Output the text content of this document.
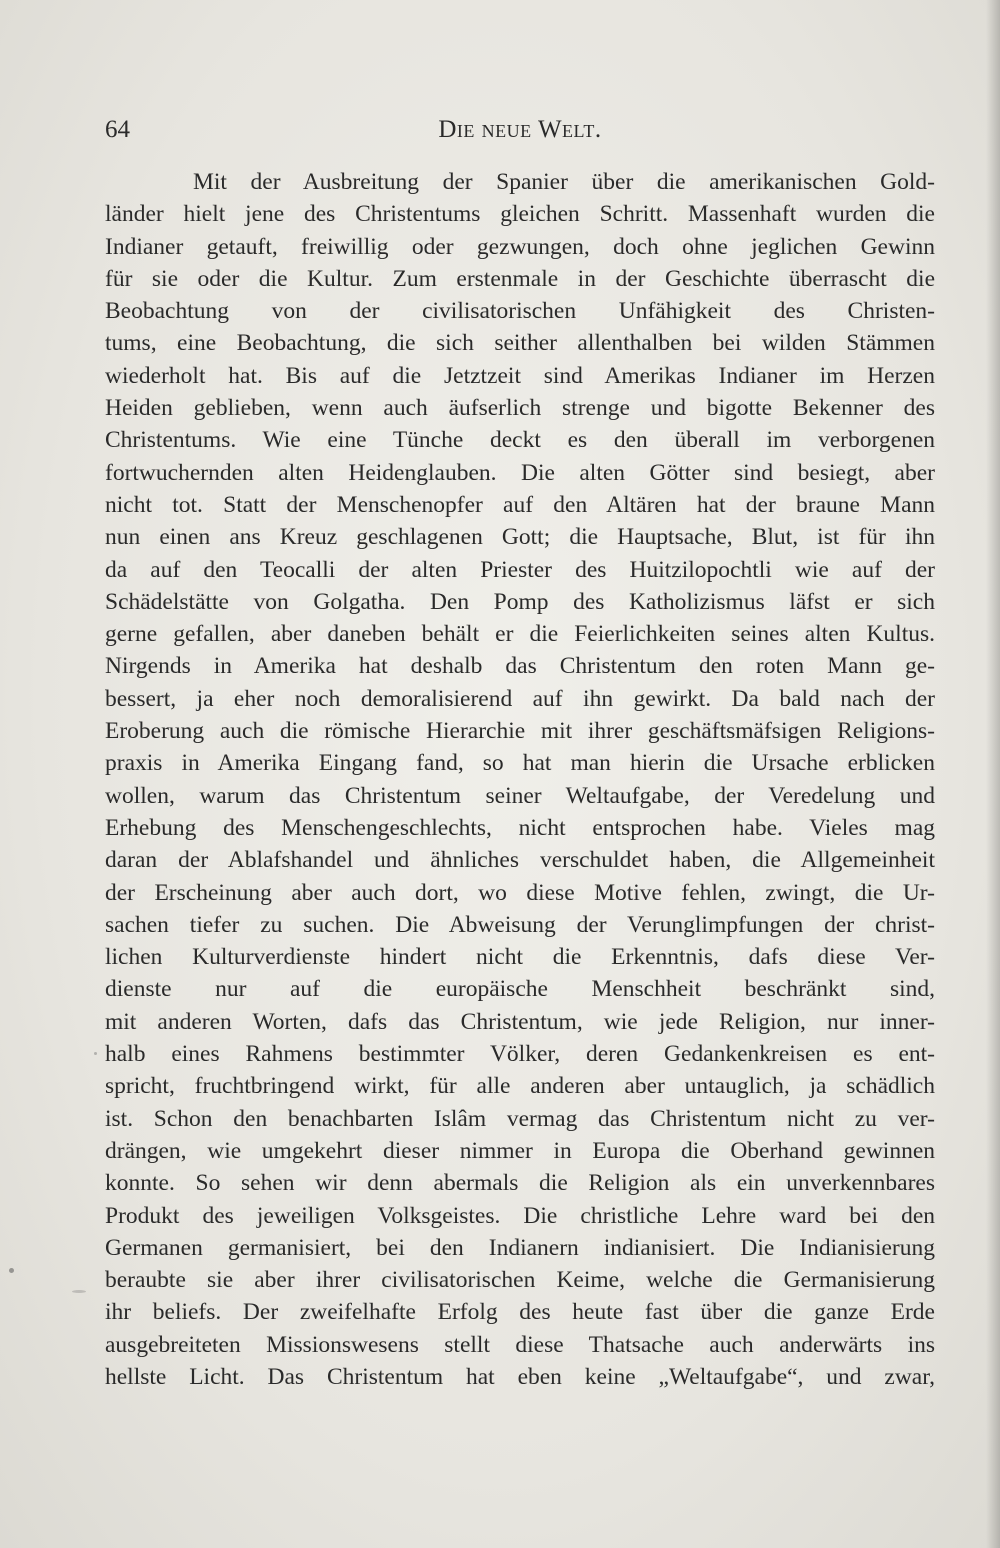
64	Die neue Welt.
Mit der Ausbreitung der Spanier über die amerikanischen Gold-
länder hielt jene des Christentums gleichen Schritt. Massenhaft wurden die
Indianer getauft, freiwillig oder gezwungen, doch ohne jeglichen Gewinn
für sie oder die Kultur. Zum erstenmale in der Geschichte überrascht die
Beobachtung von der civilisatorischen Unfähigkeit des Christen-
tums, eine Beobachtung, die sich seither allenthalben bei wilden Stämmen
wiederholt hat. Bis auf die Jetztzeit sind Amerikas Indianer im Herzen
Heiden geblieben, wenn auch äufserlich strenge und bigotte Bekenner des
Christentums. Wie eine Tünche deckt es den überall im verborgenen
fortwuchernden alten Heidenglauben. Die alten Götter sind besiegt, aber
nicht tot. Statt der Menschenopfer auf den Altären hat der braune Mann
nun einen ans Kreuz geschlagenen Gott; die Hauptsache, Blut, ist für ihn
da auf den Teocalli der alten Priester des Huitzilopochtli wie auf der
Schädelstätte von Golgatha. Den Pomp des Katholizismus läfst er sich
gerne gefallen, aber daneben behält er die Feierlichkeiten seines alten Kultus.
Nirgends in Amerika hat deshalb das Christentum den roten Mann ge-
bessert, ja eher noch demoralisierend auf ihn gewirkt. Da bald nach der
Eroberung auch die römische Hierarchie mit ihrer geschäftsmäfsigen Religions-
praxis in Amerika Eingang fand, so hat man hierin die Ursache erblicken
wollen, warum das Christentum seiner Weltaufgabe, der Veredelung und
Erhebung des Menschengeschlechts, nicht entsprochen habe. Vieles mag
daran der Ablafshandel und ähnliches verschuldet haben, die Allgemeinheit
der Erscheinung aber auch dort, wo diese Motive fehlen, zwingt, die Ur-
sachen tiefer zu suchen. Die Abweisung der Verunglimpfungen der christ-
lichen Kulturverdienste hindert nicht die Erkenntnis, dafs diese Ver-
dienste nur auf die europäische Menschheit beschränkt sind,
mit anderen Worten, dafs das Christentum, wie jede Religion, nur inner-
halb eines Rahmens bestimmter Völker, deren Gedankenkreisen es ent-
spricht, fruchtbringend wirkt, für alle anderen aber untauglich, ja schädlich
ist. Schon den benachbarten Islâm vermag das Christentum nicht zu ver-
drängen, wie umgekehrt dieser nimmer in Europa die Oberhand gewinnen
konnte. So sehen wir denn abermals die Religion als ein unverkennbares
Produkt des jeweiligen Volksgeistes. Die christliche Lehre ward bei den
Germanen germanisiert, bei den Indianern indianisiert. Die Indianisierung
beraubte sie aber ihrer civilisatorischen Keime, welche die Germanisierung
ihr beliefs. Der zweifelhafte Erfolg des heute fast über die ganze Erde
ausgebreiteten Missionswesens stellt diese Thatsache auch anderwärts ins
hellste Licht. Das Christentum hat eben keine „Weltaufgabe“, und zwar,
